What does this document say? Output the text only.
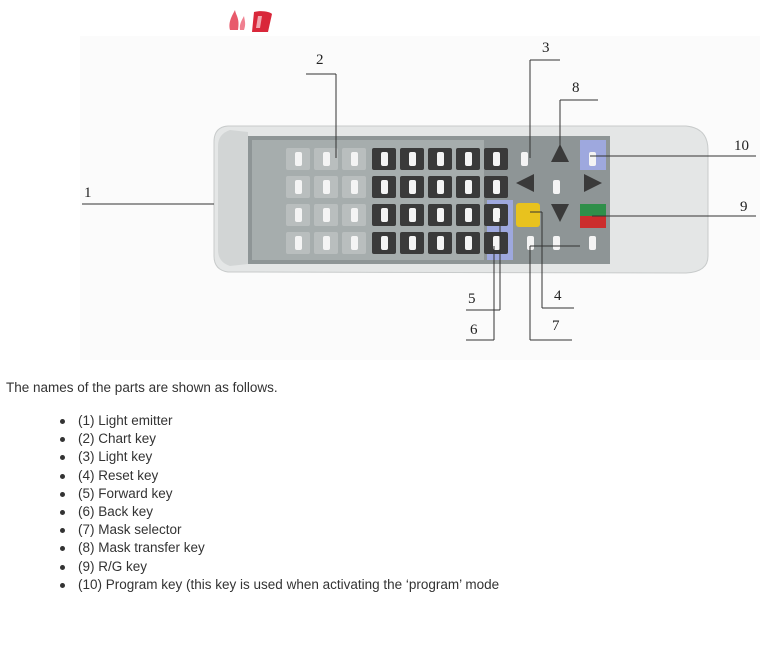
1
2
3
8
10
9
5	4
6	7

The names of the parts are shown as follows.

(1) Light emitter
(2) Chart key
(3) Light key
(4) Reset key
(5) Forward key
(6) Back key
(7) Mask selector
(8) Mask transfer key
(9) R/G key
(10) Program key (this key is used when activating the ‘program’ mode
